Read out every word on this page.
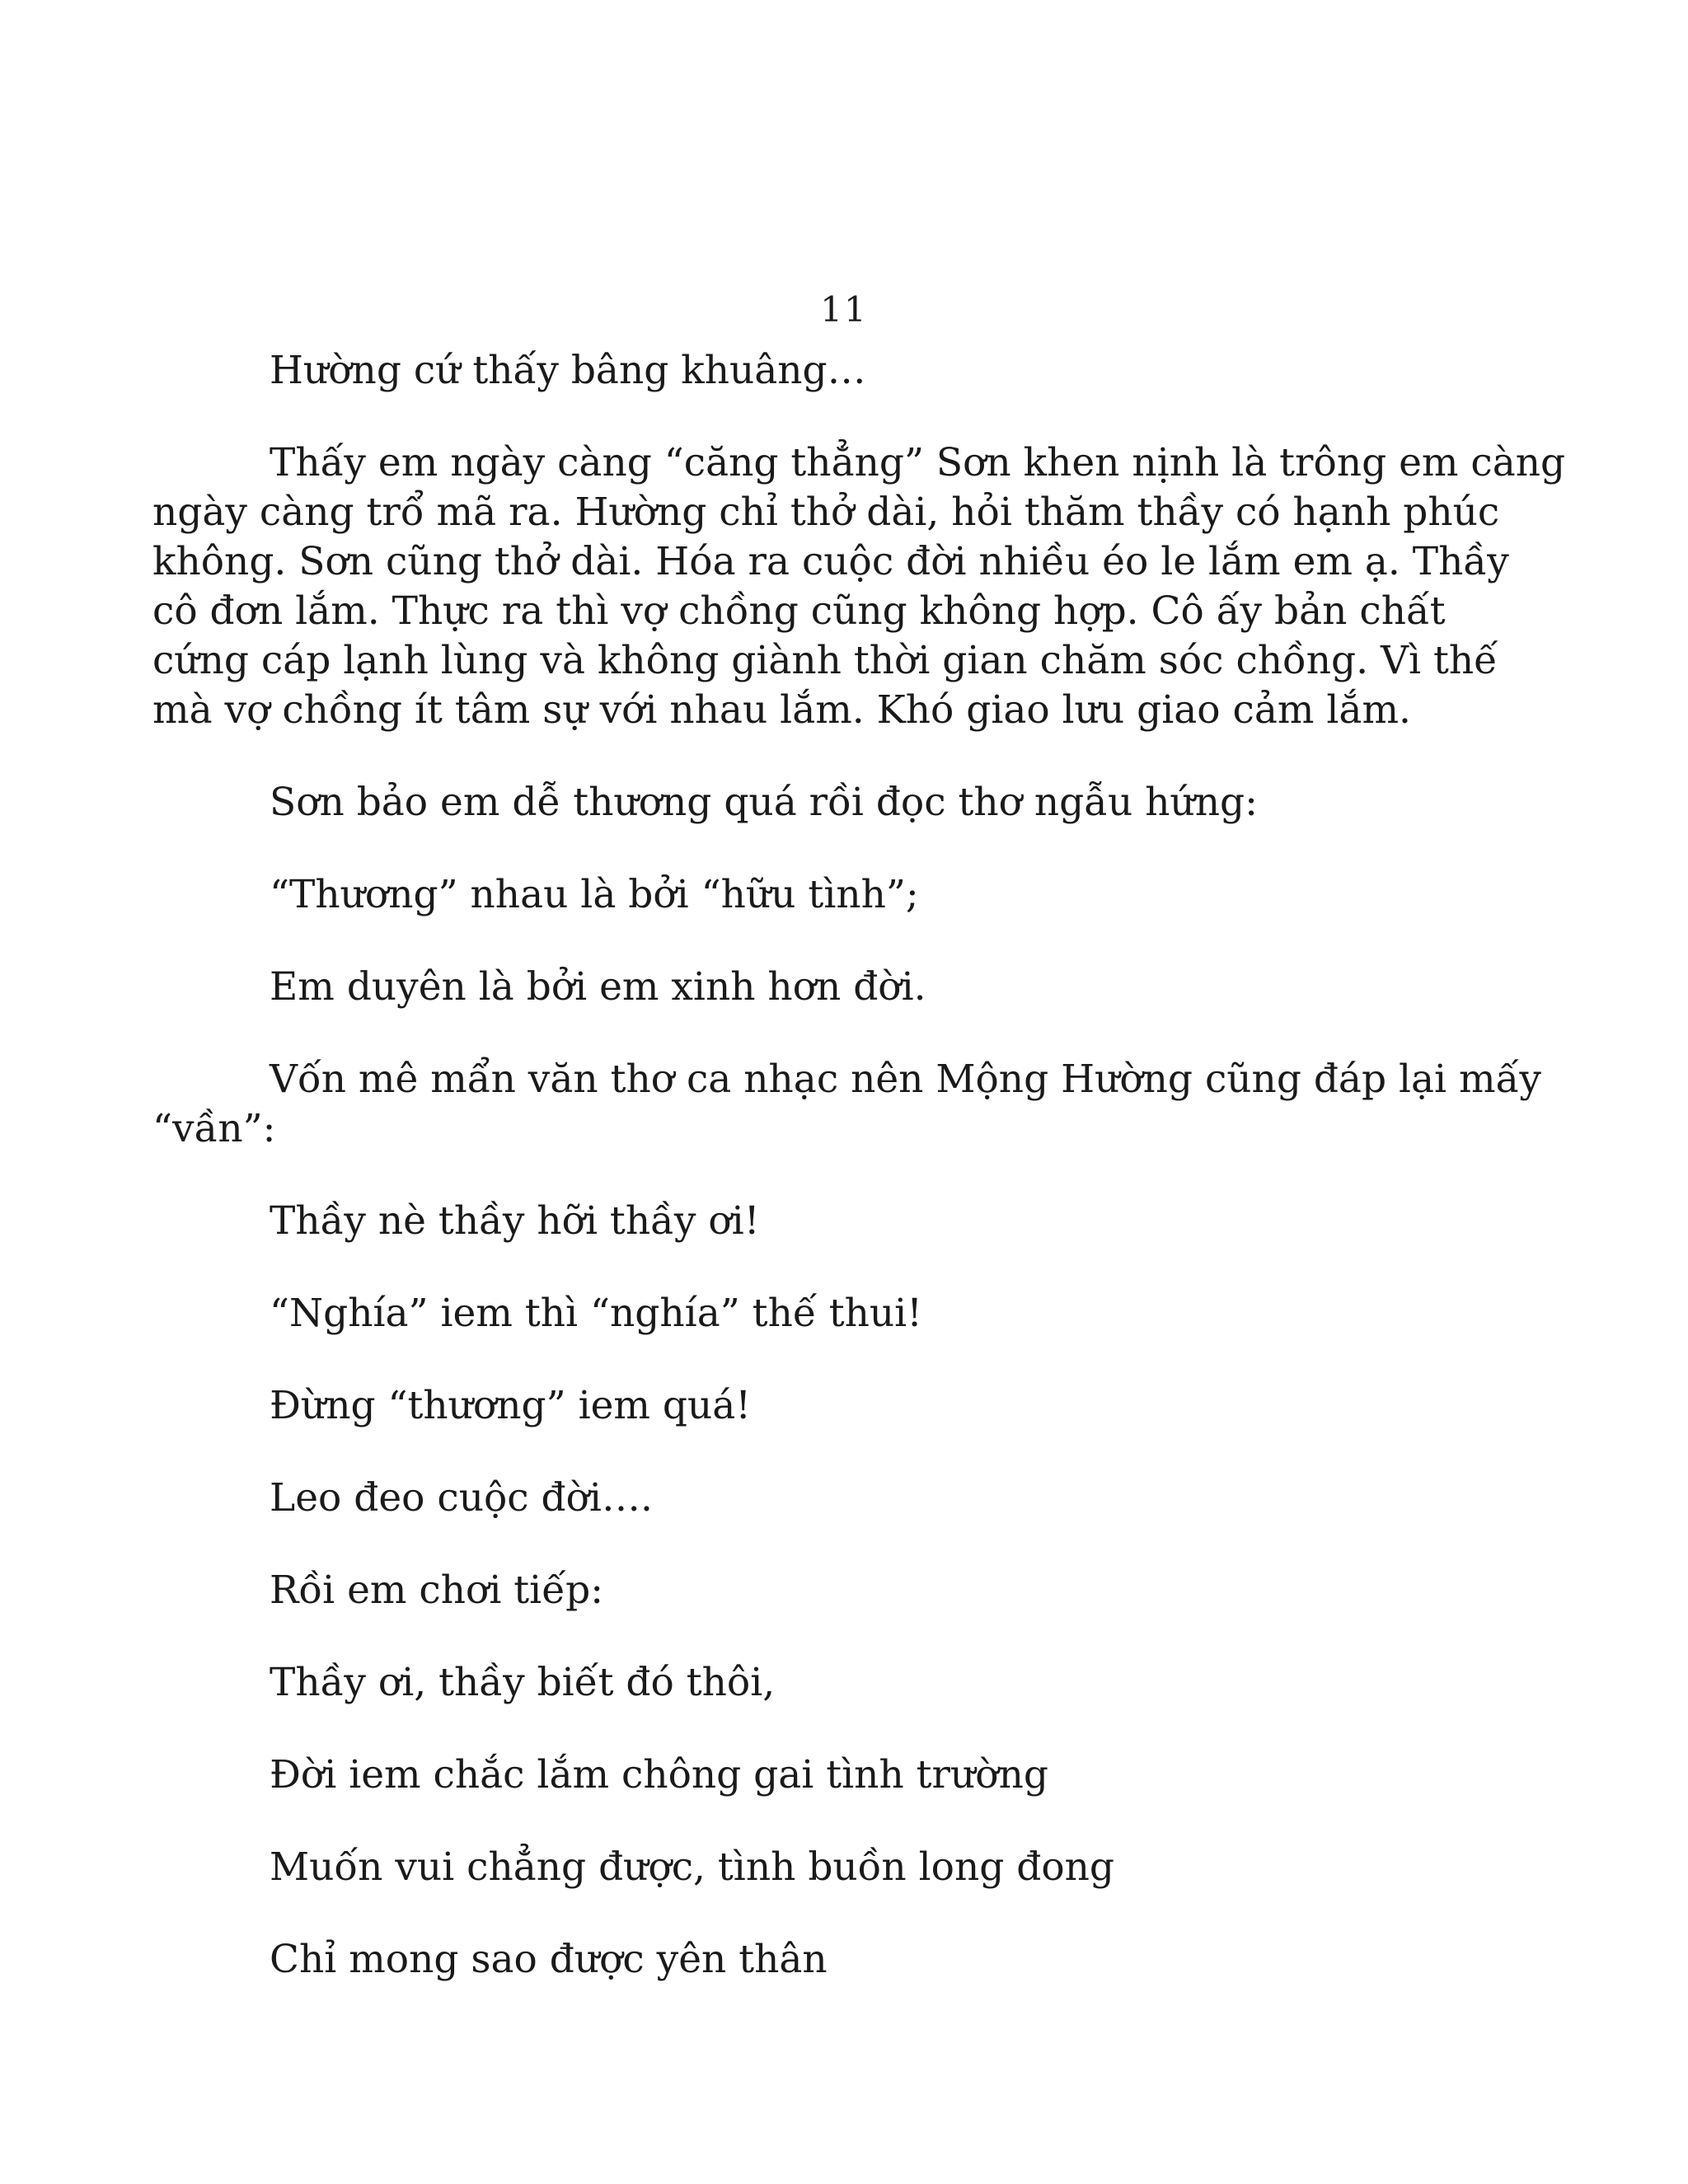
11

Hường cứ thấy bâng khuâng…

Thấy em ngày càng “căng thẳng” Sơn khen nịnh là trông em càng
ngày càng trổ mã ra. Hường chỉ thở dài, hỏi thăm thầy có hạnh phúc
không. Sơn cũng thở dài. Hóa ra cuộc đời nhiều éo le lắm em ạ. Thầy
cô đơn lắm. Thực ra thì vợ chồng cũng không hợp. Cô ấy bản chất
cứng cáp lạnh lùng và không giành thời gian chăm sóc chồng. Vì thế
mà vợ chồng ít tâm sự với nhau lắm. Khó giao lưu giao cảm lắm.

Sơn bảo em dễ thương quá rồi đọc thơ ngẫu hứng:

“Thương” nhau là bởi “hữu tình”;

Em duyên là bởi em xinh hơn đời.

Vốn mê mẩn văn thơ ca nhạc nên Mộng Hường cũng đáp lại mấy
“vần”:

Thầy nè thầy hỡi thầy ơi!

“Nghía” iem thì “nghía” thế thui!

Đừng “thương” iem quá!

Leo đeo cuộc đời….

Rồi em chơi tiếp:

Thầy ơi, thầy biết đó thôi,

Đời iem chắc lắm chông gai tình trường

Muốn vui chẳng được, tình buồn long đong

Chỉ mong sao được yên thân
